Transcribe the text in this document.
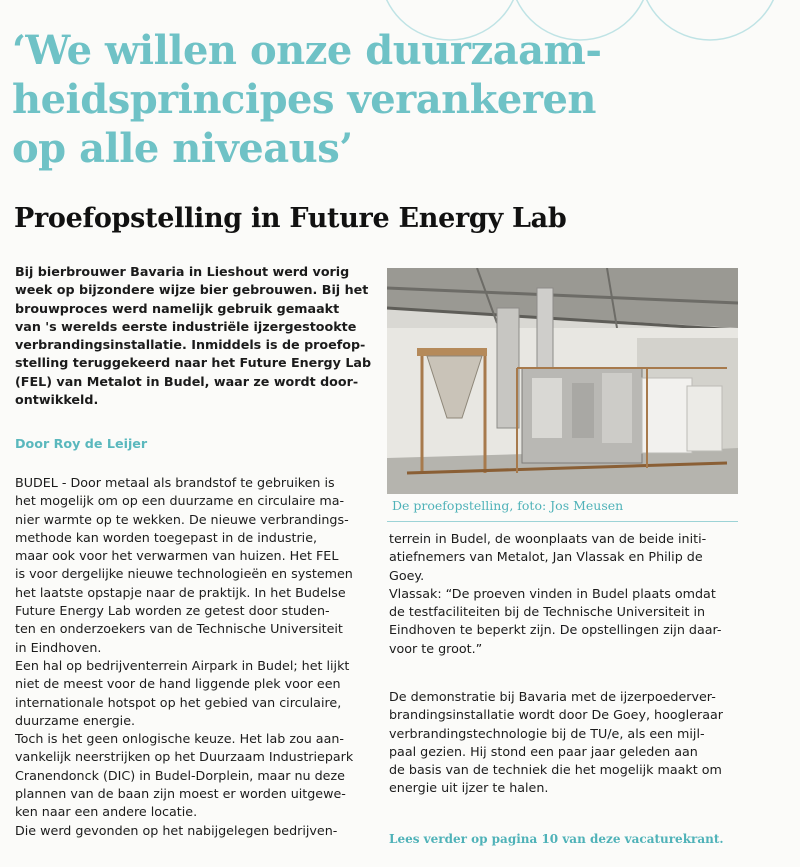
‘We willen onze duurzaam-
heidsprincipes verankeren
op alle niveaus’
Proefopstelling in Future Energy Lab
Bij bierbrouwer Bavaria in Lieshout werd vorig
week op bijzondere wijze bier gebrouwen. Bij het
brouwproces werd namelijk gebruik gemaakt
van 's werelds eerste industriële ijzergestookte
verbrandingsinstallatie. Inmiddels is de proefop-
stelling teruggekeerd naar het Future Energy Lab
(FEL) van Metalot in Budel, waar ze wordt door-
ontwikkeld.
Door Roy de Leijer
BUDEL - Door metaal als brandstof te gebruiken is
het mogelijk om op een duurzame en circulaire ma-
nier warmte op te wekken. De nieuwe verbrandings-
methode kan worden toegepast in de industrie,
maar ook voor het verwarmen van huizen. Het FEL
is voor dergelijke nieuwe technologieën en systemen
het laatste opstapje naar de praktijk. In het Budelse
Future Energy Lab worden ze getest door studen-
ten en onderzoekers van de Technische Universiteit
in Eindhoven.
Een hal op bedrijventerrein Airpark in Budel; het lijkt
niet de meest voor de hand liggende plek voor een
internationale hotspot op het gebied van circulaire,
duurzame energie.
Toch is het geen onlogische keuze. Het lab zou aan-
vankelijk neerstrijken op het Duurzaam Industriepark
Cranendonck (DIC) in Budel-Dorplein, maar nu deze
plannen van de baan zijn moest er worden uitgewe-
ken naar een andere locatie.
Die werd gevonden op het nabijgelegen bedrijven-
De proefopstelling, foto: Jos Meusen
terrein in Budel, de woonplaats van de beide initi-
atiefnemers van Metalot, Jan Vlassak en Philip de
Goey.
Vlassak: “De proeven vinden in Budel plaats omdat
de testfaciliteiten bij de Technische Universiteit in
Eindhoven te beperkt zijn. De opstellingen zijn daar-
voor te groot.”
De demonstratie bij Bavaria met de ijzerpoederver-
brandingsinstallatie wordt door De Goey, hoogleraar
verbrandingstechnologie bij de TU/e, als een mijl-
paal gezien. Hij stond een paar jaar geleden aan
de basis van de techniek die het mogelijk maakt om
energie uit ijzer te halen.
Lees verder op pagina 10 van deze vacaturekrant.
